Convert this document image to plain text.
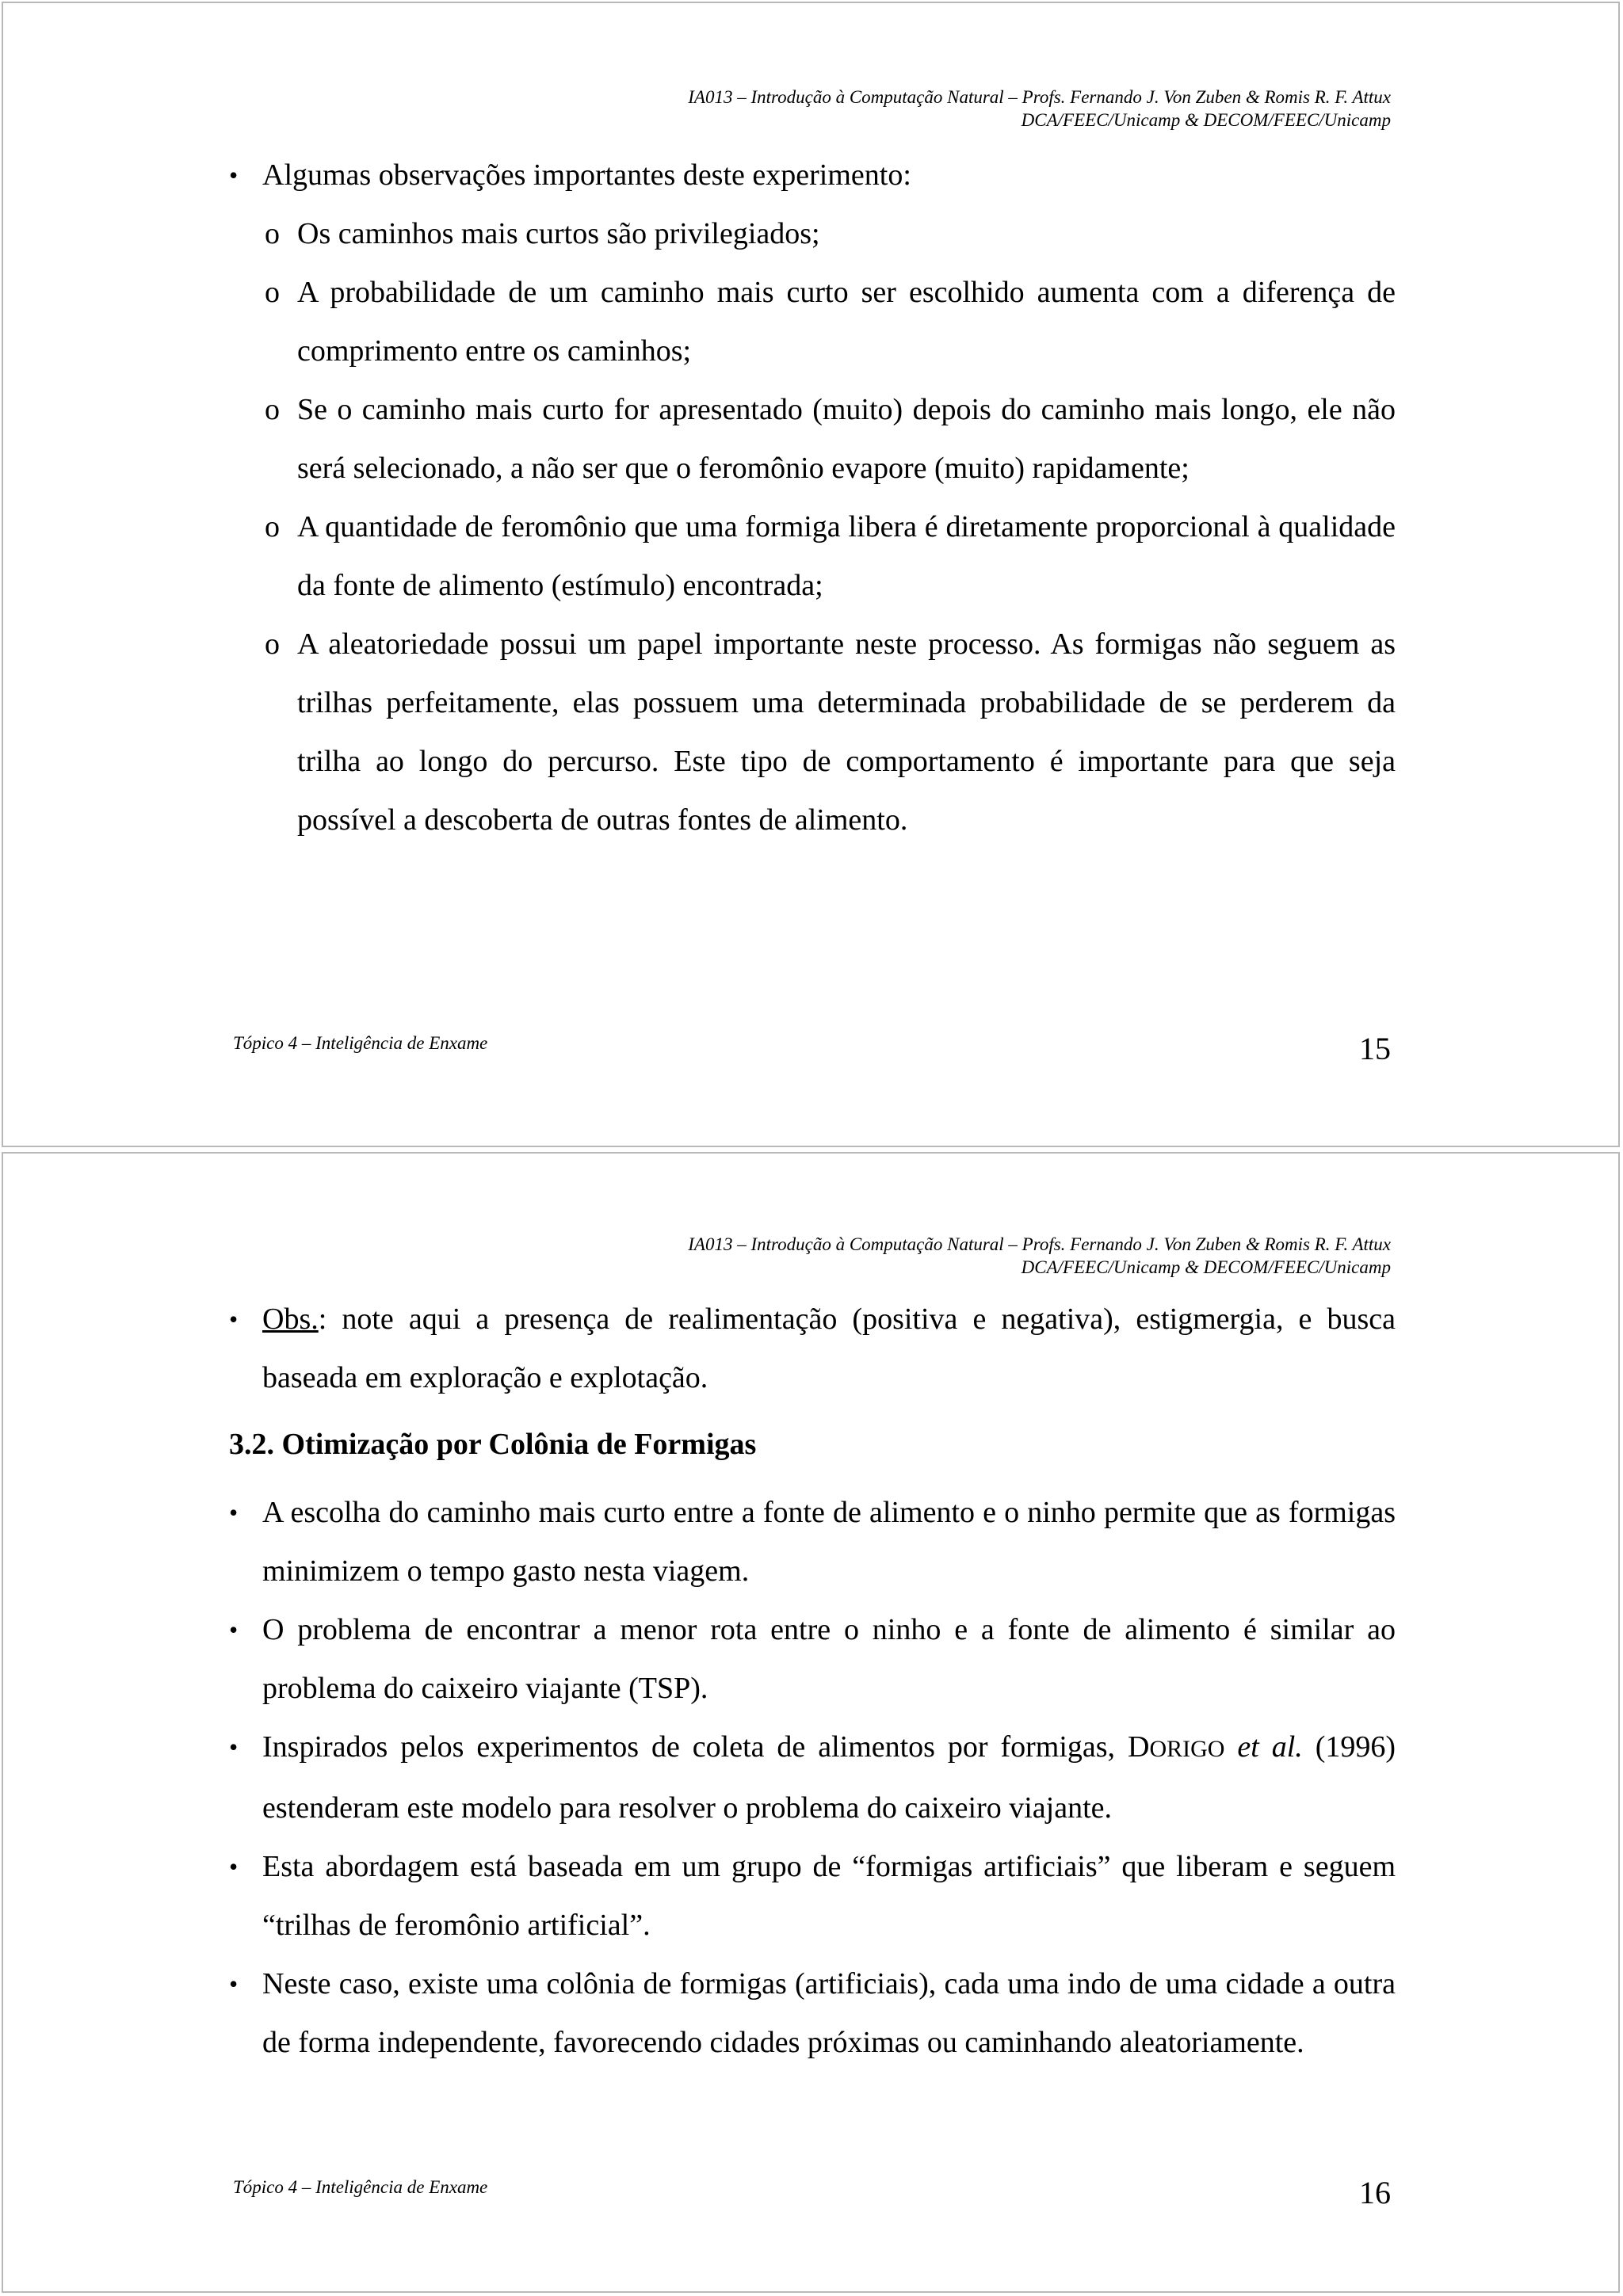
IA013 – Introdução à Computação Natural – Profs. Fernando J. Von Zuben & Romis R. F. Attux
DCA/FEEC/Unicamp & DECOM/FEEC/Unicamp
• Algumas observações importantes deste experimento:
o Os caminhos mais curtos são privilegiados;
o A probabilidade de um caminho mais curto ser escolhido aumenta com a diferença de comprimento entre os caminhos;
o Se o caminho mais curto for apresentado (muito) depois do caminho mais longo, ele não será selecionado, a não ser que o feromônio evapore (muito) rapidamente;
o A quantidade de feromônio que uma formiga libera é diretamente proporcional à qualidade da fonte de alimento (estímulo) encontrada;
o A aleatoriedade possui um papel importante neste processo. As formigas não seguem as trilhas perfeitamente, elas possuem uma determinada probabilidade de se perderem da trilha ao longo do percurso. Este tipo de comportamento é importante para que seja possível a descoberta de outras fontes de alimento.
Tópico 4 – Inteligência de Enxame	15
IA013 – Introdução à Computação Natural – Profs. Fernando J. Von Zuben & Romis R. F. Attux
DCA/FEEC/Unicamp & DECOM/FEEC/Unicamp
• Obs.: note aqui a presença de realimentação (positiva e negativa), estigmergia, e busca baseada em exploração e explotação.
3.2. Otimização por Colônia de Formigas
• A escolha do caminho mais curto entre a fonte de alimento e o ninho permite que as formigas minimizem o tempo gasto nesta viagem.
• O problema de encontrar a menor rota entre o ninho e a fonte de alimento é similar ao problema do caixeiro viajante (TSP).
• Inspirados pelos experimentos de coleta de alimentos por formigas, DORIGO et al. (1996) estenderam este modelo para resolver o problema do caixeiro viajante.
• Esta abordagem está baseada em um grupo de “formigas artificiais” que liberam e seguem “trilhas de feromônio artificial”.
• Neste caso, existe uma colônia de formigas (artificiais), cada uma indo de uma cidade a outra de forma independente, favorecendo cidades próximas ou caminhando aleatoriamente.
Tópico 4 – Inteligência de Enxame	16
